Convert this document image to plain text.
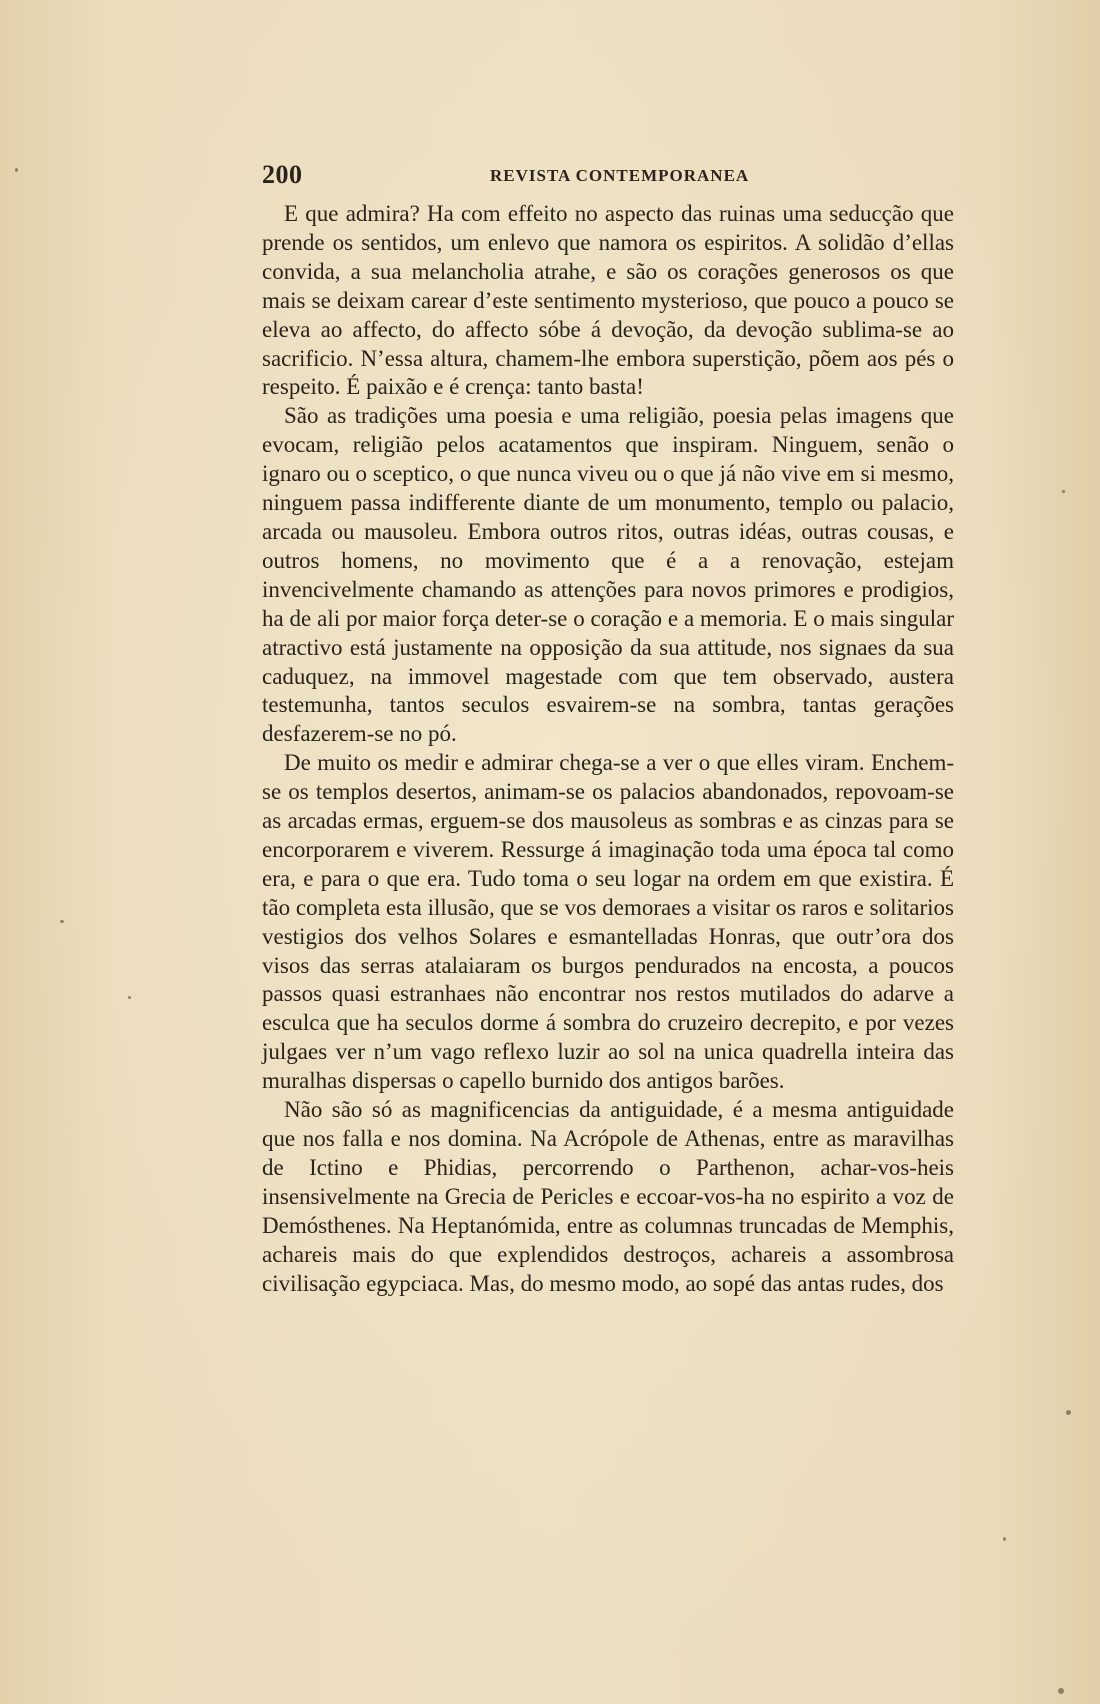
200	REVISTA CONTEMPORANEA

E que admira? Ha com effeito no aspecto das ruinas uma seducção que prende os sentidos, um enlevo que namora os espiritos. A solidão d’ellas convida, a sua melancholia atrahe, e são os corações generosos os que mais se deixam carear d’este sentimento mysterioso, que pouco a pouco se eleva ao affecto, do affecto sóbe á devoção, da devoção sublima-se ao sacrificio. N’essa altura, chamem-lhe embora superstição, põem aos pés o respeito. É paixão e é crença: tanto basta!

São as tradições uma poesia e uma religião, poesia pelas imagens que evocam, religião pelos acatamentos que inspiram. Ninguem, senão o ignaro ou o sceptico, o que nunca viveu ou o que já não vive em si mesmo, ninguem passa indifferente diante de um monumento, templo ou palacio, arcada ou mausoleu. Embora outros ritos, outras idéas, outras cousas, e outros homens, no movimento que é a a renovação, estejam invencivelmente chamando as attenções para novos primores e prodigios, ha de ali por maior força deter-se o coração e a memoria. E o mais singular atractivo está justamente na opposição da sua attitude, nos signaes da sua caduquez, na immovel magestade com que tem observado, austera testemunha, tantos seculos esvairem-se na sombra, tantas gerações desfazerem-se no pó.

De muito os medir e admirar chega-se a ver o que elles viram. Enchem-se os templos desertos, animam-se os palacios abandonados, repovoam-se as arcadas ermas, erguem-se dos mausoleus as sombras e as cinzas para se encorporarem e viverem. Ressurge á imaginação toda uma época tal como era, e para o que era. Tudo toma o seu logar na ordem em que existira. É tão completa esta illusão, que se vos demoraes a visitar os raros e solitarios vestigios dos velhos Solares e esmantelladas Honras, que outr’ora dos visos das serras atalaiaram os burgos pendurados na encosta, a poucos passos quasi estranhaes não encontrar nos restos mutilados do adarve a esculca que ha seculos dorme á sombra do cruzeiro decrepito, e por vezes julgaes ver n’um vago reflexo luzir ao sol na unica quadrella inteira das muralhas dispersas o capello burnido dos antigos barões.

Não são só as magnificencias da antiguidade, é a mesma antiguidade que nos falla e nos domina. Na Acrópole de Athenas, entre as maravilhas de Ictino e Phidias, percorrendo o Parthenon, achar-vos-heis insensivelmente na Grecia de Pericles e eccoar-vos-ha no espirito a voz de Demósthenes. Na Heptanómida, entre as columnas truncadas de Memphis, achareis mais do que explendidos destroços, achareis a assombrosa civilisação egypciaca. Mas, do mesmo modo, ao sopé das antas rudes, dos
